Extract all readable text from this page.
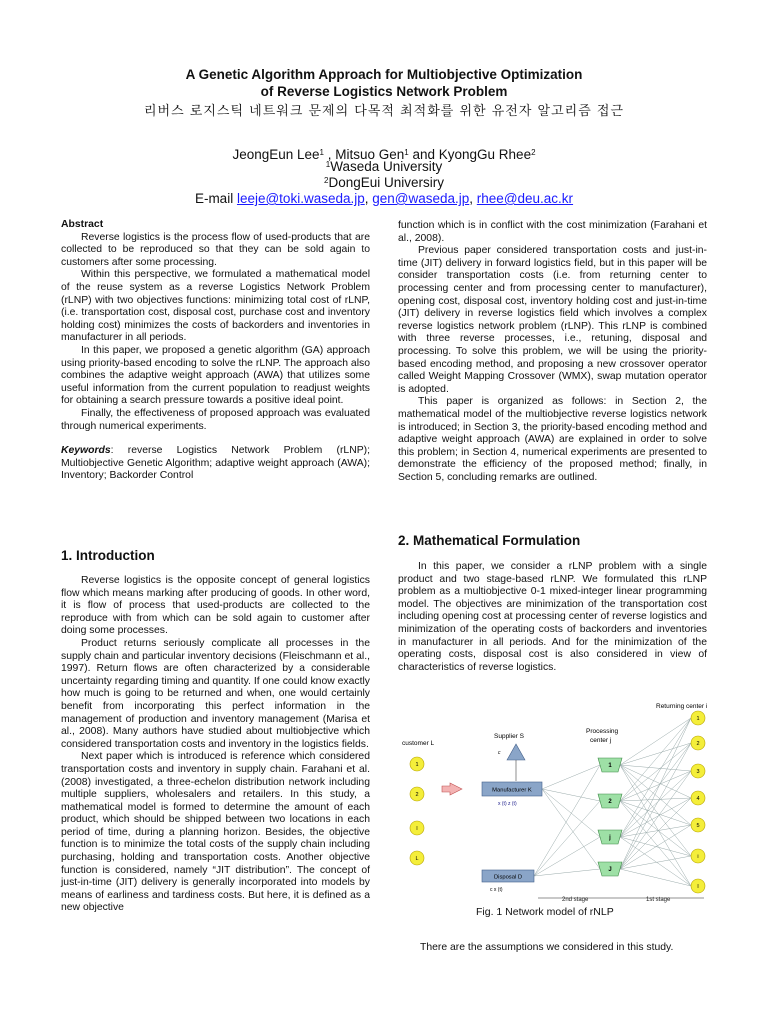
A Genetic Algorithm Approach for Multiobjective Optimization
of Reverse Logistics Network Problem
리버스 로지스틱 네트워크 문제의 다목적 최적화를 위한 유전자 알고리즘 접근
JeongEun Lee$^1$ , Mitsuo Gen$^1$ and KyongGu Rhee$^2$
$^1$Waseda University
$^2$DongEui Universiry
E-mail leeje@toki.waseda.jp, gen@waseda.jp, rhee@deu.ac.kr

Abstract

Reverse logistics is the process flow of used-products that are collected to be reproduced so that they can be sold again to customers after some processing.

Within this perspective, we formulated a mathematical model of the reuse system as a reverse Logistics Network Problem (rLNP) with two objectives functions: minimizing total cost of rLNP, (i.e. transportation cost, disposal cost, purchase cost and inventory holding cost) minimizes the costs of backorders and inventories in manufacturer in all periods.

In this paper, we proposed a genetic algorithm (GA) approach using priority-based encoding to solve the rLNP. The approach also combines the adaptive weight approach (AWA) that utilizes some useful information from the current population to readjust weights for obtaining a search pressure towards a positive ideal point.

Finally, the effectiveness of proposed approach was evaluated through numerical experiments.

Keywords: reverse Logistics Network Problem (rLNP); Multiobjective Genetic Algorithm; adaptive weight approach (AWA); Inventory; Backorder Control

1. Introduction

Reverse logistics is the opposite concept of general logistics flow which means marking after producing of goods. In other word, it is flow of process that used-products are collected to the reproduce with from which can be sold again to customer after doing some processes.

Product returns seriously complicate all processes in the supply chain and particular inventory decisions (Fleischmann et al., 1997). Return flows are often characterized by a considerable uncertainty regarding timing and quantity. If one could know exactly how much is going to be returned and when, one would certainly benefit from incorporating this perfect information in the management of production and inventory management (Marisa et al., 2008). Many authors have studied about multiobjective which considered transportation costs and inventory in the logistics fields.

Next paper which is introduced is reference which considered transportation costs and inventory in supply chain. Farahani et al. (2008) investigated, a three-echelon distribution network including multiple suppliers, wholesalers and retailers. In this study, a mathematical model is formed to determine the amount of each product, which should be shipped between two locations in each period of time, during a planning horizon. Besides, the objective function is to minimize the total costs of the supply chain including purchasing, holding and transportation costs. Another objective function is considered, namely “JIT distribution”. The concept of just-in-time (JIT) delivery is generally incorporated into models by means of earliness and tardiness costs. But here, it is defined as a new objective

function which is in conflict with the cost minimization (Farahani et al., 2008).

Previous paper considered transportation costs and just-in-time (JIT) delivery in forward logistics field, but in this paper will be consider transportation costs (i.e. from returning center to processing center and from processing center to manufacturer), opening cost, disposal cost, inventory holding cost and just-in-time (JIT) delivery in reverse logistics field which involves a complex reverse logistics network problem (rLNP). This rLNP is combined with three reverse processes, i.e., retuning, disposal and processing. To solve this problem, we will be using the priority-based encoding method, and proposing a new crossover operator called Weight Mapping Crossover (WMX), swap mutation operator is adopted.

This paper is organized as follows: in Section 2, the mathematical model of the multiobjective reverse logistics network is introduced; in Section 3, the priority-based encoding method and adaptive weight approach (AWA) are explained in order to solve this problem; in Section 4, numerical experiments are presented to demonstrate the efficiency of the proposed method; finally, in Section 5, concluding remarks are outlined.

2. Mathematical Formulation

In this paper, we consider a rLNP problem with a single product and two stage-based rLNP. We formulated this rLNP problem as a multiobjective 0-1 mixed-integer linear programming model. The objectives are minimization of the transportation cost including opening cost at processing center of reverse logistics and minimization of the operating costs of backorders and inventories in manufacturer in all periods. And for the minimization of the operating costs, disposal cost is also considered in view of characteristics of reverse logistics.

Returning center i
customer L
Supplier S
c
Processing
center j
Manufacturer K
x (t) z (t)
Disposal D
c x (t)
2nd stage	1st stage
1
2
3
4
5
i
I
1
2
j
J
1
2
l
L
Fig. 1 Network model of rNLP
There are the assumptions we considered in this study.
